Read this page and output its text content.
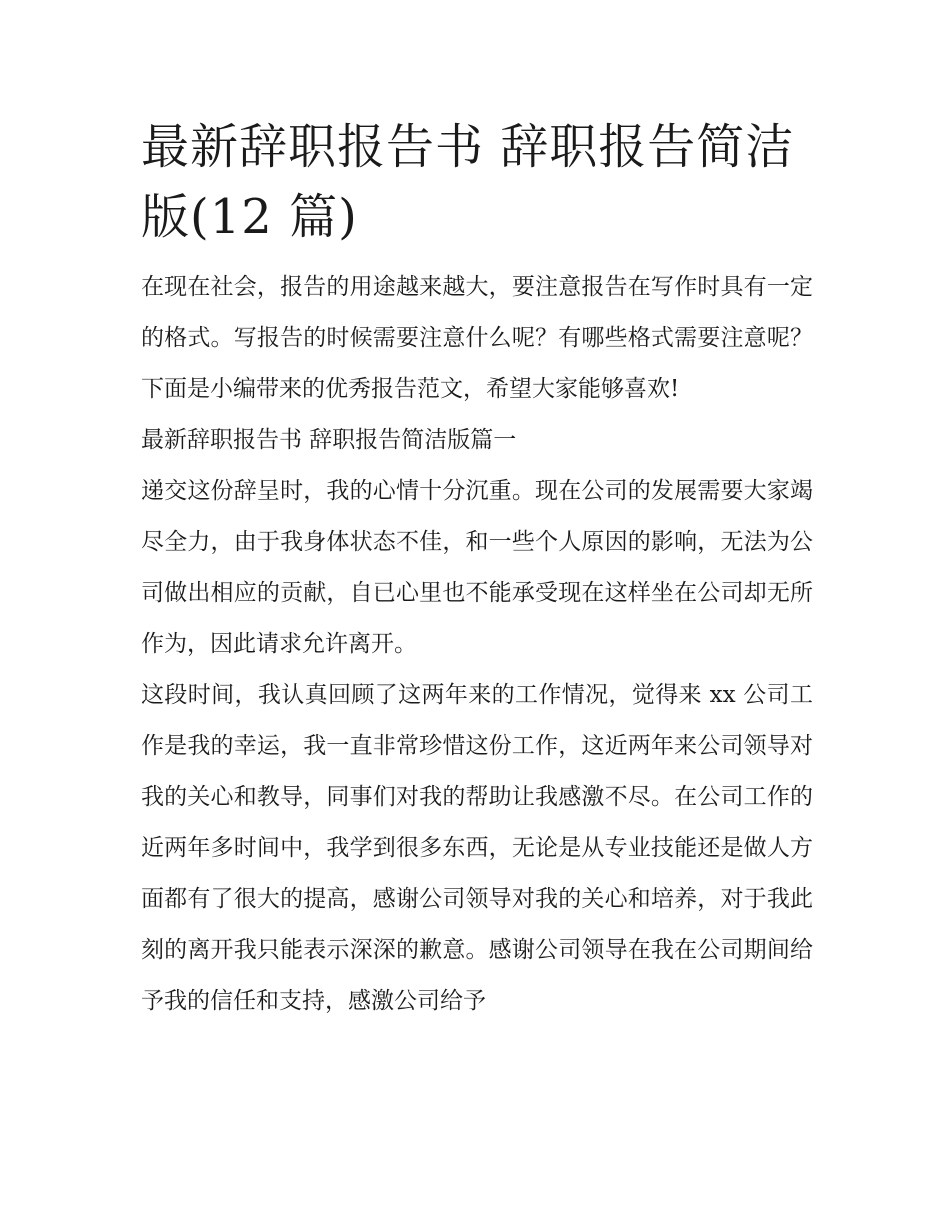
最新辞职报告书 辞职报告简洁
版(12 篇)

在现在社会，报告的用途越来越大，要注意报告在写作时具有一定的格式。写报告的时候需要注意什么呢？有哪些格式需要注意呢？下面是小编带来的优秀报告范文，希望大家能够喜欢!

最新辞职报告书 辞职报告简洁版篇一

递交这份辞呈时，我的心情十分沉重。现在公司的发展需要大家竭尽全力，由于我身体状态不佳，和一些个人原因的影响，无法为公司做出相应的贡献，自已心里也不能承受现在这样坐在公司却无所作为，因此请求允许离开。

这段时间，我认真回顾了这两年来的工作情况，觉得来 xx 公司工作是我的幸运，我一直非常珍惜这份工作，这近两年来公司领导对我的关心和教导，同事们对我的帮助让我感激不尽。在公司工作的近两年多时间中，我学到很多东西，无论是从专业技能还是做人方面都有了很大的提高，感谢公司领导对我的关心和培养，对于我此刻的离开我只能表示深深的歉意。感谢公司领导在我在公司期间给予我的信任和支持，感激公司给予
